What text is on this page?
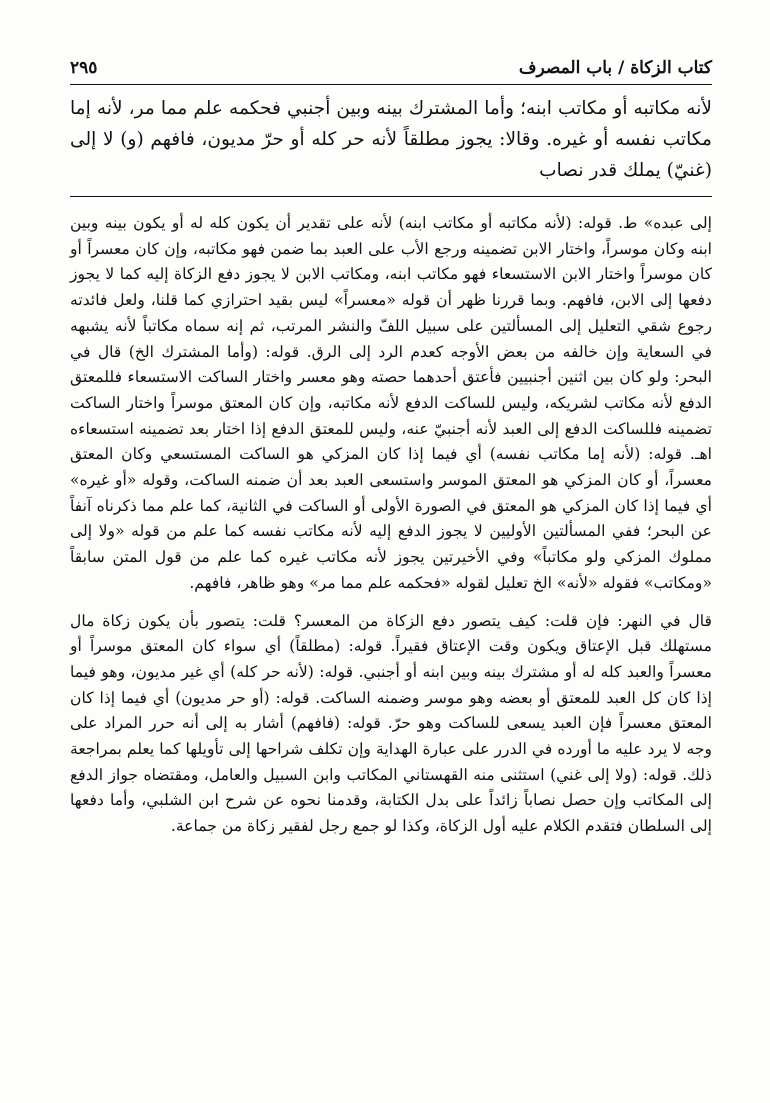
كتاب الزكاة / باب المصرف
٢٩٥
لأنه مكاتبه أو مكاتب ابنه؛ وأما المشترك بينه وبين أجنبي فحكمه علم مما مر، لأنه إما مكاتب نفسه أو غيره. وقالا: يجوز مطلقاً لأنه حر كله أو حرّ مديون، فافهم (و) لا إلى (غنيّ) يملك قدر نصاب

إلى عبده» ط. قوله: (لأنه مكاتبه أو مكاتب ابنه) لأنه على تقدير أن يكون كله له أو يكون بينه وبين ابنه وكان موسراً، واختار الابن تضمينه ورجع الأب على العبد بما ضمن فهو مكاتبه، وإن كان معسراً أو كان موسراً واختار الابن الاستسعاء فهو مكاتب ابنه، ومكاتب الابن لا يجوز دفع الزكاة إليه كما لا يجوز دفعها إلى الابن، فافهم. وبما قررنا ظهر أن قوله «معسراً» ليس بقيد احترازي كما قلنا، ولعل فائدته رجوع شقي التعليل إلى المسألتين على سبيل اللفّ والنشر المرتب، ثم إنه سماه مكاتباً لأنه يشبهه في السعاية وإن خالفه من بعض الأوجه كعدم الرد إلى الرق. قوله: (وأما المشترك الخ) قال في البحر: ولو كان بين اثنين أجنبيين فأعتق أحدهما حصته وهو معسر واختار الساكت الاستسعاء فللمعتق الدفع لأنه مكاتب لشريكه، وليس للساكت الدفع لأنه مكاتبه، وإن كان المعتق موسراً واختار الساكت تضمينه فللساكت الدفع إلى العبد لأنه أجنبيّ عنه، وليس للمعتق الدفع إذا اختار بعد تضمينه استسعاءه اهـ. قوله: (لأنه إما مكاتب نفسه) أي فيما إذا كان المزكي هو الساكت المستسعي وكان المعتق معسراً، أو كان المزكي هو المعتق الموسر واستسعى العبد بعد أن ضمنه الساكت، وقوله «أو غيره» أي فيما إذا كان المزكي هو المعتق في الصورة الأولى أو الساكت في الثانية، كما علم مما ذكرناه آنفاً عن البحر؛ ففي المسألتين الأوليين لا يجوز الدفع إليه لأنه مكاتب نفسه كما علم من قوله «ولا إلى مملوك المزكي ولو مكاتباً» وفي الأخيرتين يجوز لأنه مكاتب غيره كما علم من قول المتن سابقاً «ومكاتب» فقوله «لأنه» الخ تعليل لقوله «فحكمه علم مما مر» وهو ظاهر، فافهم.

قال في النهر: فإن قلت: كيف يتصور دفع الزكاة من المعسر؟ قلت: يتصور بأن يكون زكاة مال مستهلك قبل الإعتاق ويكون وقت الإعتاق فقيراً. قوله: (مطلقاً) أي سواء كان المعتق موسراً أو معسراً والعبد كله له أو مشترك بينه وبين ابنه أو أجنبي. قوله: (لأنه حر كله) أي غير مديون، وهو فيما إذا كان كل العبد للمعتق أو بعضه وهو موسر وضمنه الساكت. قوله: (أو حر مديون) أي فيما إذا كان المعتق معسراً فإن العبد يسعى للساكت وهو حرّ. قوله: (فافهم) أشار به إلى أنه حرر المراد على وجه لا يرد عليه ما أورده في الدرر على عبارة الهداية وإن تكلف شراحها إلى تأويلها كما يعلم بمراجعة ذلك. قوله: (ولا إلى غني) استثنى منه القهستاني المكاتب وابن السبيل والعامل، ومقتضاه جواز الدفع إلى المكاتب وإن حصل نصاباً زائداً على بدل الكتابة، وقدمنا نحوه عن شرح ابن الشلبي، وأما دفعها إلى السلطان فتقدم الكلام عليه أول الزكاة، وكذا لو جمع رجل لفقير زكاة من جماعة.
